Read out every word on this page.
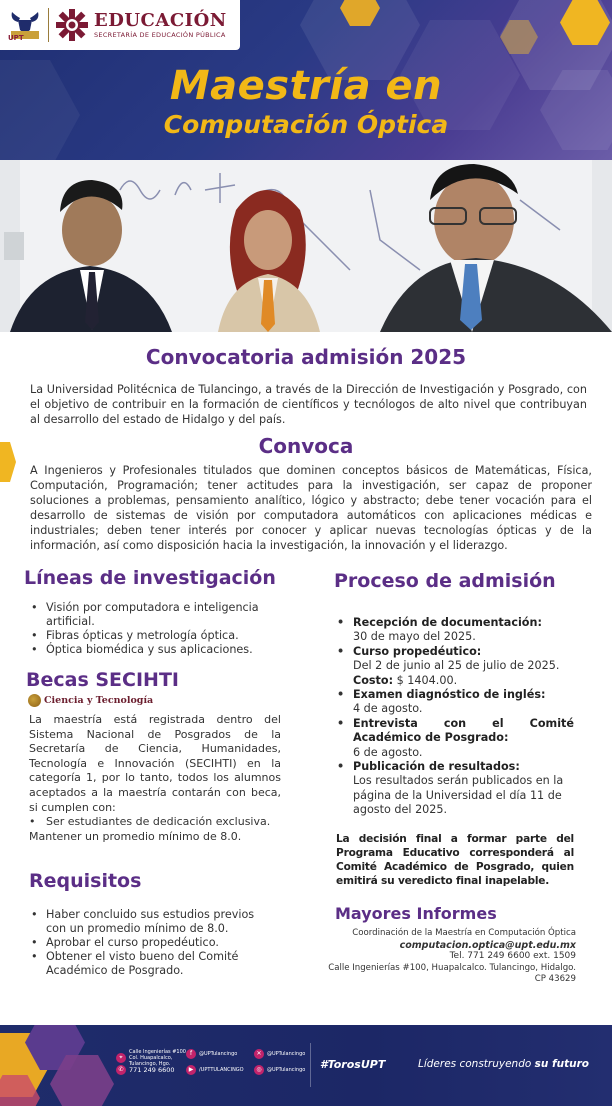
UPT
EDUCACIÓN
SECRETARÍA DE EDUCACIÓN PÚBLICA
Maestría en
Computación Óptica
Convocatoria admisión 2025

La Universidad Politécnica de Tulancingo, a través de la Dirección de Investigación y Posgrado, con el objetivo de contribuir en la formación de científicos y tecnólogos de alto nivel que contribuyan al desarrollo del estado de Hidalgo y del país.

Convoca

A Ingenieros y Profesionales titulados que dominen conceptos básicos de Matemáticas, Física, Computación, Programación; tener actitudes para la investigación, ser capaz de proponer soluciones a problemas, pensamiento analítico, lógico y abstracto; debe tener vocación para el desarrollo de sistemas de visión por computadora automáticos con aplicaciones médicas e industriales; deben tener interés por conocer y aplicar nuevas tecnologías ópticas y de la información, así como disposición hacia la investigación, la innovación y el liderazgo.

Líneas de investigación
• Visión por computadora e inteligencia artificial.
• Fibras ópticas y metrología óptica.
• Óptica biomédica y sus aplicaciones.
Becas SECIHTI
Ciencia y Tecnología

La maestría está registrada dentro del Sistema Nacional de Posgrados de la Secretaría de Ciencia, Humanidades, Tecnología e Innovación (SECIHTI) en la categoría 1, por lo tanto, todos los alumnos aceptados a la maestría contarán con beca, si cumplen con:

•   Ser estudiantes de dedicación exclusiva.

Mantener un promedio mínimo de 8.0.

Requisitos
• Haber concluido sus estudios previos con un promedio mínimo de 8.0.
• Aprobar el curso propedéutico.
• Obtener el visto bueno del Comité Académico de Posgrado.
Proceso de admisión
• Recepción de documentación:
30 de mayo del 2025.
• Curso propedéutico:
Del 2 de junio al 25 de julio de 2025.
Costo: $ 1404.00.
• Examen diagnóstico de inglés:
4 de agosto.
• Entrevista con el Comité Académico de Posgrado:
6 de agosto.
• Publicación de resultados:
Los resultados serán publicados en la página de la Universidad el día 11 de agosto del 2025.

La decisión final a formar parte del Programa Educativo corresponderá al Comité Académico de Posgrado, quien emitirá su veredicto final inapelable.

Mayores Informes
Coordinación de la Maestría en Computación Óptica
computacion.optica@upt.edu.mx
Tel. 771 249 6600 ext. 1509
Calle Ingenierías #100, Huapalcalco. Tulancingo, Hidalgo.
CP 43629
⌖
Calle Ingenierías #100 Col. Huapalcalco, Tulancingo, Hgo.
✆ 771 249 6600
f	@UPTulancingo
▶	/UPTTULANCINGO
✕	@UPTulancingo
◎	@UPTulancingo #TorosUPT	Líderes construyendo su futuro
